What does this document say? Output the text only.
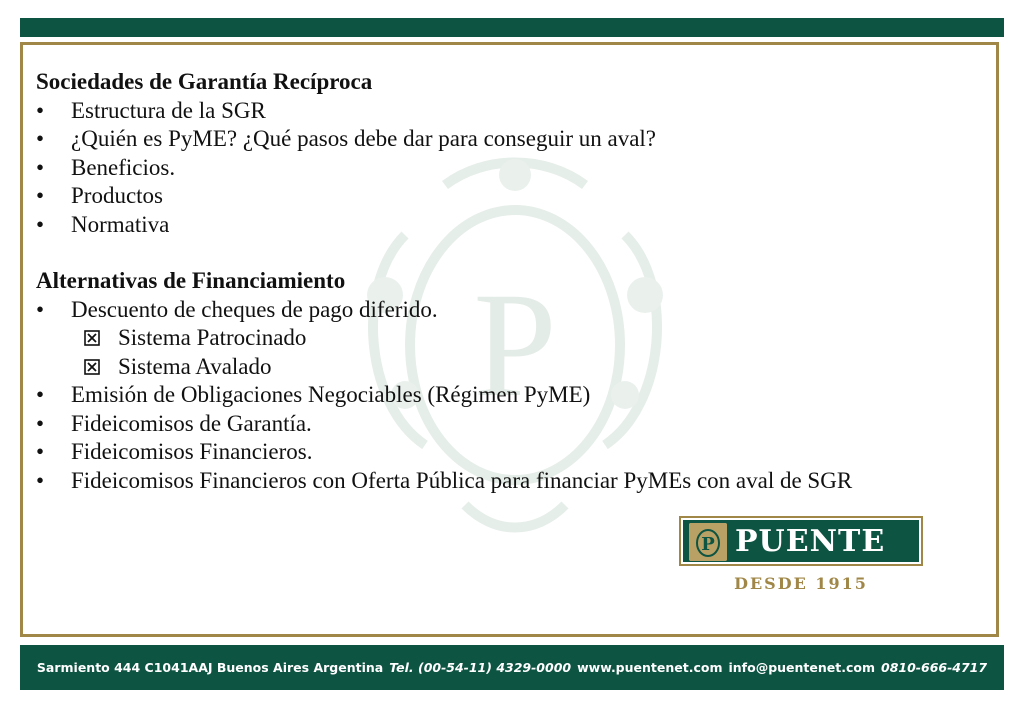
P
Sociedades de Garantía Recíproca
•	Estructura de la SGR
•	¿Quién es PyME? ¿Qué pasos debe dar para conseguir un aval?
•	Beneficios.
•	Productos
•	Normativa
Alternativas de Financiamiento
•	Descuento de cheques de pago diferido.
Sistema Patrocinado
Sistema Avalado
•	Emisión de Obligaciones Negociables (Régimen PyME)
•	Fideicomisos de Garantía.
•	Fideicomisos Financieros.
•	Fideicomisos Financieros con Oferta Pública para financiar PyMEs con aval de SGR
P PUENTE
DESDE 1915
Sarmiento 444 C1041AAJ Buenos Aires Argentina Tel. (00-54-11) 4329-0000 www.puentenet.com info@puentenet.com 0810-666-4717
